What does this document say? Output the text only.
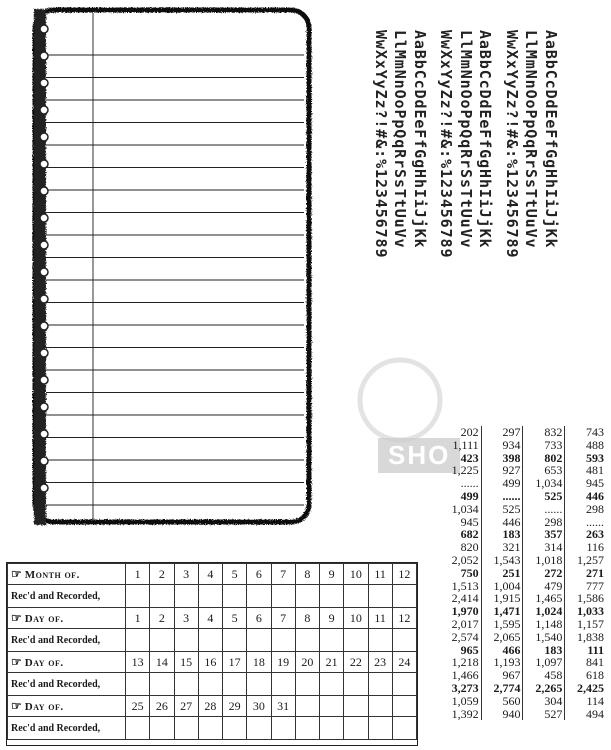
SHO
AaBbCcDdEeFfGgHhIiJjKk
LlMmNnOoPpQqRrSsTtUuVv
WwXxYyZz?!#&:%123456789
AaBbCcDdEeFfGgHhIiJjKk
LlMmNnOoPpQqRrSsTtUuVv
WwXxYyZz?!#&:%123456789
AaBbCcDdEeFfGgHhIiJjKk
LlMmNnOoPpQqRrSsTtUuVv
WwXxYyZz?!#&:%123456789
202	297	832	743
1,111	934	733	488
423	398	802	593
1,225	927	653	481
......	499	1,034	945
499	......	525	446
1,034	525	......	298
945	446	298	......
682	183	357	263
820	321	314	116
2,052	1,543	1,018	1,257
750	251	272	271
1,513	1,004	479	777
2,414	1,915	1,465	1,586
1,970	1,471	1,024	1,033
2,017	1,595	1,148	1,157
2,574	2,065	1,540	1,838
965	466	183	111
1,218	1,193	1,097	841
1,466	967	458	618
3,273	2,774	2,265	2,425
1,059	560	304	114
1,392	940	527	494
☞ Month of.	1	2	3	4	5	6	7	8	9	10	11	12
Rec'd and Recorded,												
☞ Day of.	1	2	3	4	5	6	7	8	9	10	11	12
Rec'd and Recorded,												
☞ Day of.	13	14	15	16	17	18	19	20	21	22	23	24
Rec'd and Recorded,												
☞ Day of.	25	26	27	28	29	30	31					
Rec'd and Recorded,												
